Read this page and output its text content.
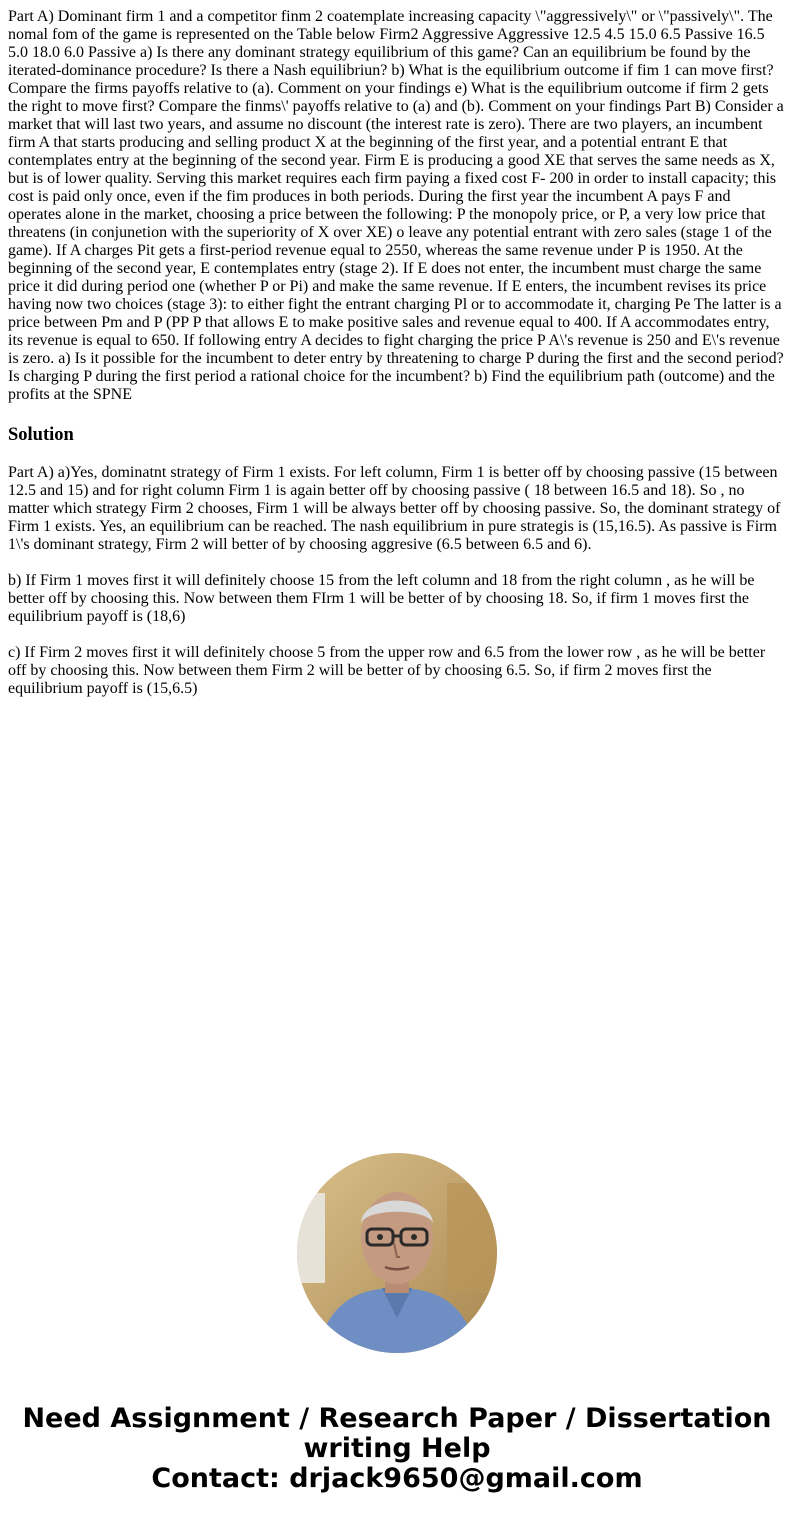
Part A) Dominant firm 1 and a competitor finm 2 coatemplate increasing capacity \"aggressively\" or \"passively\". The nomal fom of the game is represented on the Table below Firm2 Aggressive Aggressive 12.5 4.5 15.0 6.5 Passive 16.5 5.0 18.0 6.0 Passive a) Is there any dominant strategy equilibrium of this game? Can an equilibrium be found by the iterated-dominance procedure? Is there a Nash equilibriun? b) What is the equilibrium outcome if fim 1 can move first? Compare the firms payoffs relative to (a). Comment on your findings e) What is the equilibrium outcome if firm 2 gets the right to move first? Compare the finms\' payoffs relative to (a) and (b). Comment on your findings Part B) Consider a market that will last two years, and assume no discount (the interest rate is zero). There are two players, an incumbent firm A that starts producing and selling product X at the beginning of the first year, and a potential entrant E that contemplates entry at the beginning of the second year. Firm E is producing a good XE that serves the same needs as X, but is of lower quality. Serving this market requires each firm paying a fixed cost F- 200 in order to install capacity; this cost is paid only once, even if the fim produces in both periods. During the first year the incumbent A pays F and operates alone in the market, choosing a price between the following: P the monopoly price, or P, a very low price that threatens (in conjunetion with the superiority of X over XE) o leave any potential entrant with zero sales (stage 1 of the game). If A charges Pit gets a first-period revenue equal to 2550, whereas the same revenue under P is 1950. At the beginning of the second year, E contemplates entry (stage 2). If E does not enter, the incumbent must charge the same price it did during period one (whether P or Pi) and make the same revenue. If E enters, the incumbent revises its price having now two choices (stage 3): to either fight the entrant charging Pl or to accommodate it, charging Pe The latter is a price between Pm and P (PP P that allows E to make positive sales and revenue equal to 400. If A accommodates entry, its revenue is equal to 650. If following entry A decides to fight charging the price P A\'s revenue is 250 and E\'s revenue is zero. a) Is it possible for the incumbent to deter entry by threatening to charge P during the first and the second period? Is charging P during the first period a rational choice for the incumbent? b) Find the equilibrium path (outcome) and the profits at the SPNE

Solution

Part A) a)Yes, dominatnt strategy of Firm 1 exists. For left column, Firm 1 is better off by choosing passive (15 between 12.5 and 15) and for right column Firm 1 is again better off by choosing passive ( 18 between 16.5 and 18). So , no matter which strategy Firm 2 chooses, Firm 1 will be always better off by choosing passive. So, the dominant strategy of Firm 1 exists. Yes, an equilibrium can be reached. The nash equilibrium in pure strategis is (15,16.5). As passive is Firm 1\'s dominant strategy, Firm 2 will better of by choosing aggresive (6.5 between 6.5 and 6).

b) If Firm 1 moves first it will definitely choose 15 from the left column and 18 from the right column , as he will be better off by choosing this. Now between them FIrm 1 will be better of by choosing 18. So, if firm 1 moves first the equilibrium payoff is (18,6)

c) If Firm 2 moves first it will definitely choose 5 from the upper row and 6.5 from the lower row , as he will be better off by choosing this. Now between them Firm 2 will be better of by choosing 6.5. So, if firm 2 moves first the equilibrium payoff is (15,6.5)

Need Assignment / Research Paper / Dissertation
writing Help
Contact: drjack9650@gmail.com
